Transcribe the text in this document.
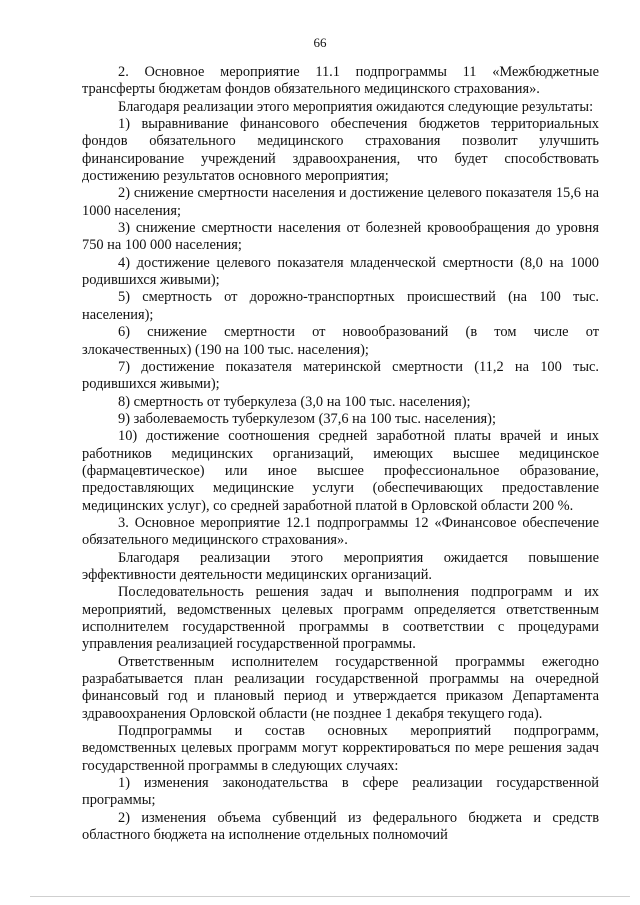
66

2. Основное мероприятие 11.1 подпрограммы 11 «Межбюджетные трансферты бюджетам фондов обязательного медицинского страхования».

Благодаря реализации этого мероприятия ожидаются следующие результаты:

1) выравнивание финансового обеспечения бюджетов территориальных фондов обязательного медицинского страхования позволит улучшить финансирование учреждений здравоохранения, что будет способствовать достижению результатов основного мероприятия;

2) снижение смертности населения и достижение целевого показателя 15,6 на 1000 населения;

3) снижение смертности населения от болезней кровообращения до уровня 750 на 100 000 населения;

4) достижение целевого показателя младенческой смертности (8,0 на 1000 родившихся живыми);

5) смертность от дорожно-транспортных происшествий (на 100 тыс. населения);

6) снижение смертности от новообразований (в том числе от злокачественных) (190 на 100 тыс. населения);

7) достижение показателя материнской смертности (11,2 на 100 тыс. родившихся живыми);

8) смертность от туберкулеза (3,0 на 100 тыс. населения);

9) заболеваемость туберкулезом (37,6 на 100 тыс. населения);

10) достижение соотношения средней заработной платы врачей и иных работников медицинских организаций, имеющих высшее медицинское (фармацевтическое) или иное высшее профессиональное образование, предоставляющих медицинские услуги (обеспечивающих предоставление медицинских услуг), со средней заработной платой в Орловской области 200 %.

3. Основное мероприятие 12.1 подпрограммы 12 «Финансовое обеспечение обязательного медицинского страхования».

Благодаря реализации этого мероприятия ожидается повышение эффективности деятельности медицинских организаций.

Последовательность решения задач и выполнения подпрограмм и их мероприятий, ведомственных целевых программ определяется ответственным исполнителем государственной программы в соответствии с процедурами управления реализацией государственной программы.

Ответственным исполнителем государственной программы ежегодно разрабатывается план реализации государственной программы на очередной финансовый год и плановый период и утверждается приказом Департамента здравоохранения Орловской области (не позднее 1 декабря текущего года).

Подпрограммы и состав основных мероприятий подпрограмм, ведомственных целевых программ могут корректироваться по мере решения задач государственной программы в следующих случаях:

1) изменения законодательства в сфере реализации государственной программы;

2) изменения объема субвенций из федерального бюджета и средств областного бюджета на исполнение отдельных полномочий
